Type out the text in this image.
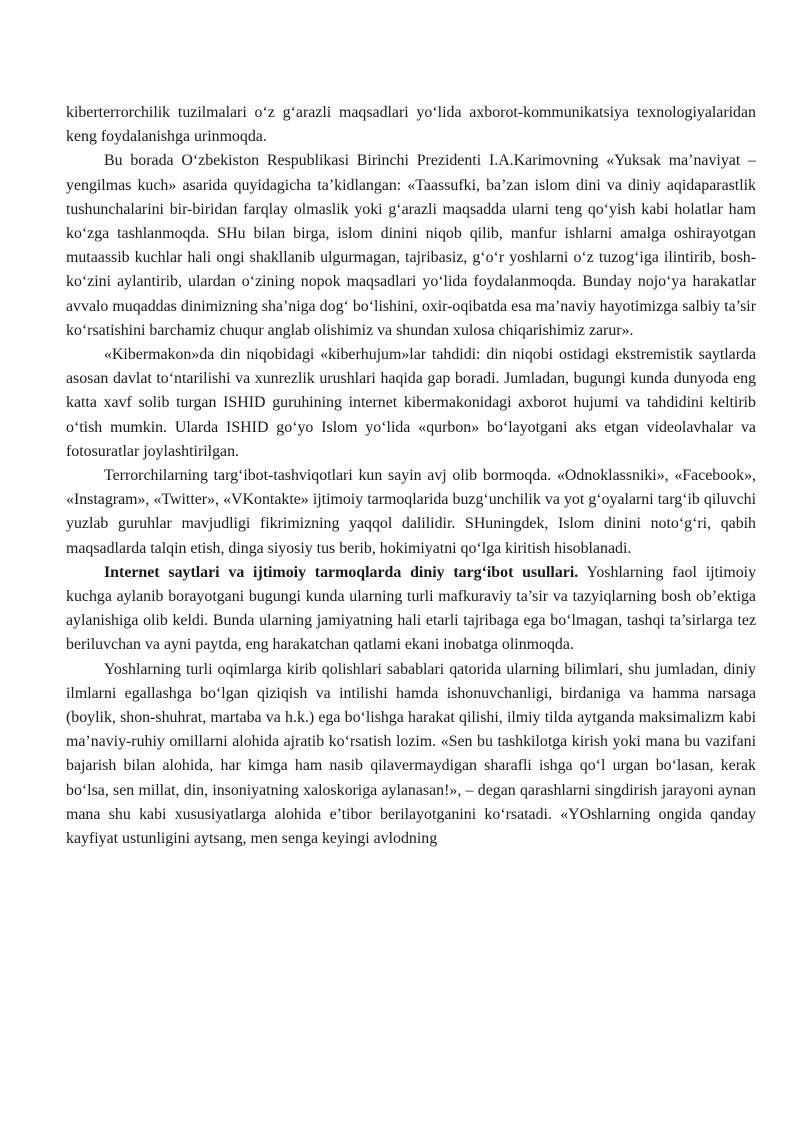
kiberterrorchilik tuzilmalari oʻz gʻarazli maqsadlari yoʻlida axborot-kommunikatsiya texnologiyalaridan keng foydalanishga urinmoqda.

Bu borada Oʻzbekiston Respublikasi Birinchi Prezidenti I.A.Karimovning «Yuksak ma’naviyat – yengilmas kuch» asarida quyidagicha ta’kidlangan: «Taassufki, ba’zan islom dini va diniy aqidaparastlik tushunchalarini bir-biridan farqlay olmaslik yoki gʻarazli maqsadda ularni teng qoʻyish kabi holatlar ham koʻzga tashlanmoqda. SHu bilan birga, islom dinini niqob qilib, manfur ishlarni amalga oshirayotgan mutaassib kuchlar hali ongi shakllanib ulgurmagan, tajribasiz, gʻoʻr yoshlarni oʻz tuzogʻiga ilintirib, bosh-koʻzini aylantirib, ulardan oʻzining nopok maqsadlari yoʻlida foydalanmoqda. Bunday nojoʻya harakatlar avvalo muqaddas dinimizning sha’niga dogʻ boʻlishini, oxir-oqibatda esa ma’naviy hayotimizga salbiy ta’sir koʻrsatishini barchamiz chuqur anglab olishimiz va shundan xulosa chiqarishimiz zarur».

«Kibermakon»da din niqobidagi «kiberhujum»lar tahdidi: din niqobi ostidagi ekstremistik saytlarda asosan davlat toʻntarilishi va xunrezlik urushlari haqida gap boradi. Jumladan, bugungi kunda dunyoda eng katta xavf solib turgan ISHID guruhining internet kibermakonidagi axborot hujumi va tahdidini keltirib oʻtish mumkin. Ularda ISHID goʻyo Islom yoʻlida «qurbon» boʻlayotgani aks etgan videolavhalar va fotosuratlar joylashtirilgan.

Terrorchilarning targʻibot-tashviqotlari kun sayin avj olib bormoqda. «Odnoklassniki», «Facebook», «Instagram», «Twitter», «VKontakte» ijtimoiy tarmoqlarida buzgʻunchilik va yot gʻoyalarni targʻib qiluvchi yuzlab guruhlar mavjudligi fikrimizning yaqqol dalilidir. SHuningdek, Islom dinini notoʻgʻri, qabih maqsadlarda talqin etish, dinga siyosiy tus berib, hokimiyatni qoʻlga kiritish hisoblanadi.

Internet saytlari va ijtimoiy tarmoqlarda diniy targʻibot usullari. Yoshlarning faol ijtimoiy kuchga aylanib borayotgani bugungi kunda ularning turli mafkuraviy ta’sir va tazyiqlarning bosh ob’ektiga aylanishiga olib keldi. Bunda ularning jamiyatning hali etarli tajribaga ega boʻlmagan, tashqi ta’sirlarga tez beriluvchan va ayni paytda, eng harakatchan qatlami ekani inobatga olinmoqda.

Yoshlarning turli oqimlarga kirib qolishlari sabablari qatorida ularning bilimlari, shu jumladan, diniy ilmlarni egallashga boʻlgan qiziqish va intilishi hamda ishonuvchanligi, birdaniga va hamma narsaga (boylik, shon-shuhrat, martaba va h.k.) ega boʻlishga harakat qilishi, ilmiy tilda aytganda maksimalizm kabi ma’naviy-ruhiy omillarni alohida ajratib koʻrsatish lozim. «Sen bu tashkilotga kirish yoki mana bu vazifani bajarish bilan alohida, har kimga ham nasib qilavermaydigan sharafli ishga qoʻl urgan boʻlasan, kerak boʻlsa, sen millat, din, insoniyatning xaloskoriga aylanasan!», – degan qarashlarni singdirish jarayoni aynan mana shu kabi xususiyatlarga alohida e’tibor berilayotganini koʻrsatadi. «YOshlarning ongida qanday kayfiyat ustunligini aytsang, men senga keyingi avlodning
